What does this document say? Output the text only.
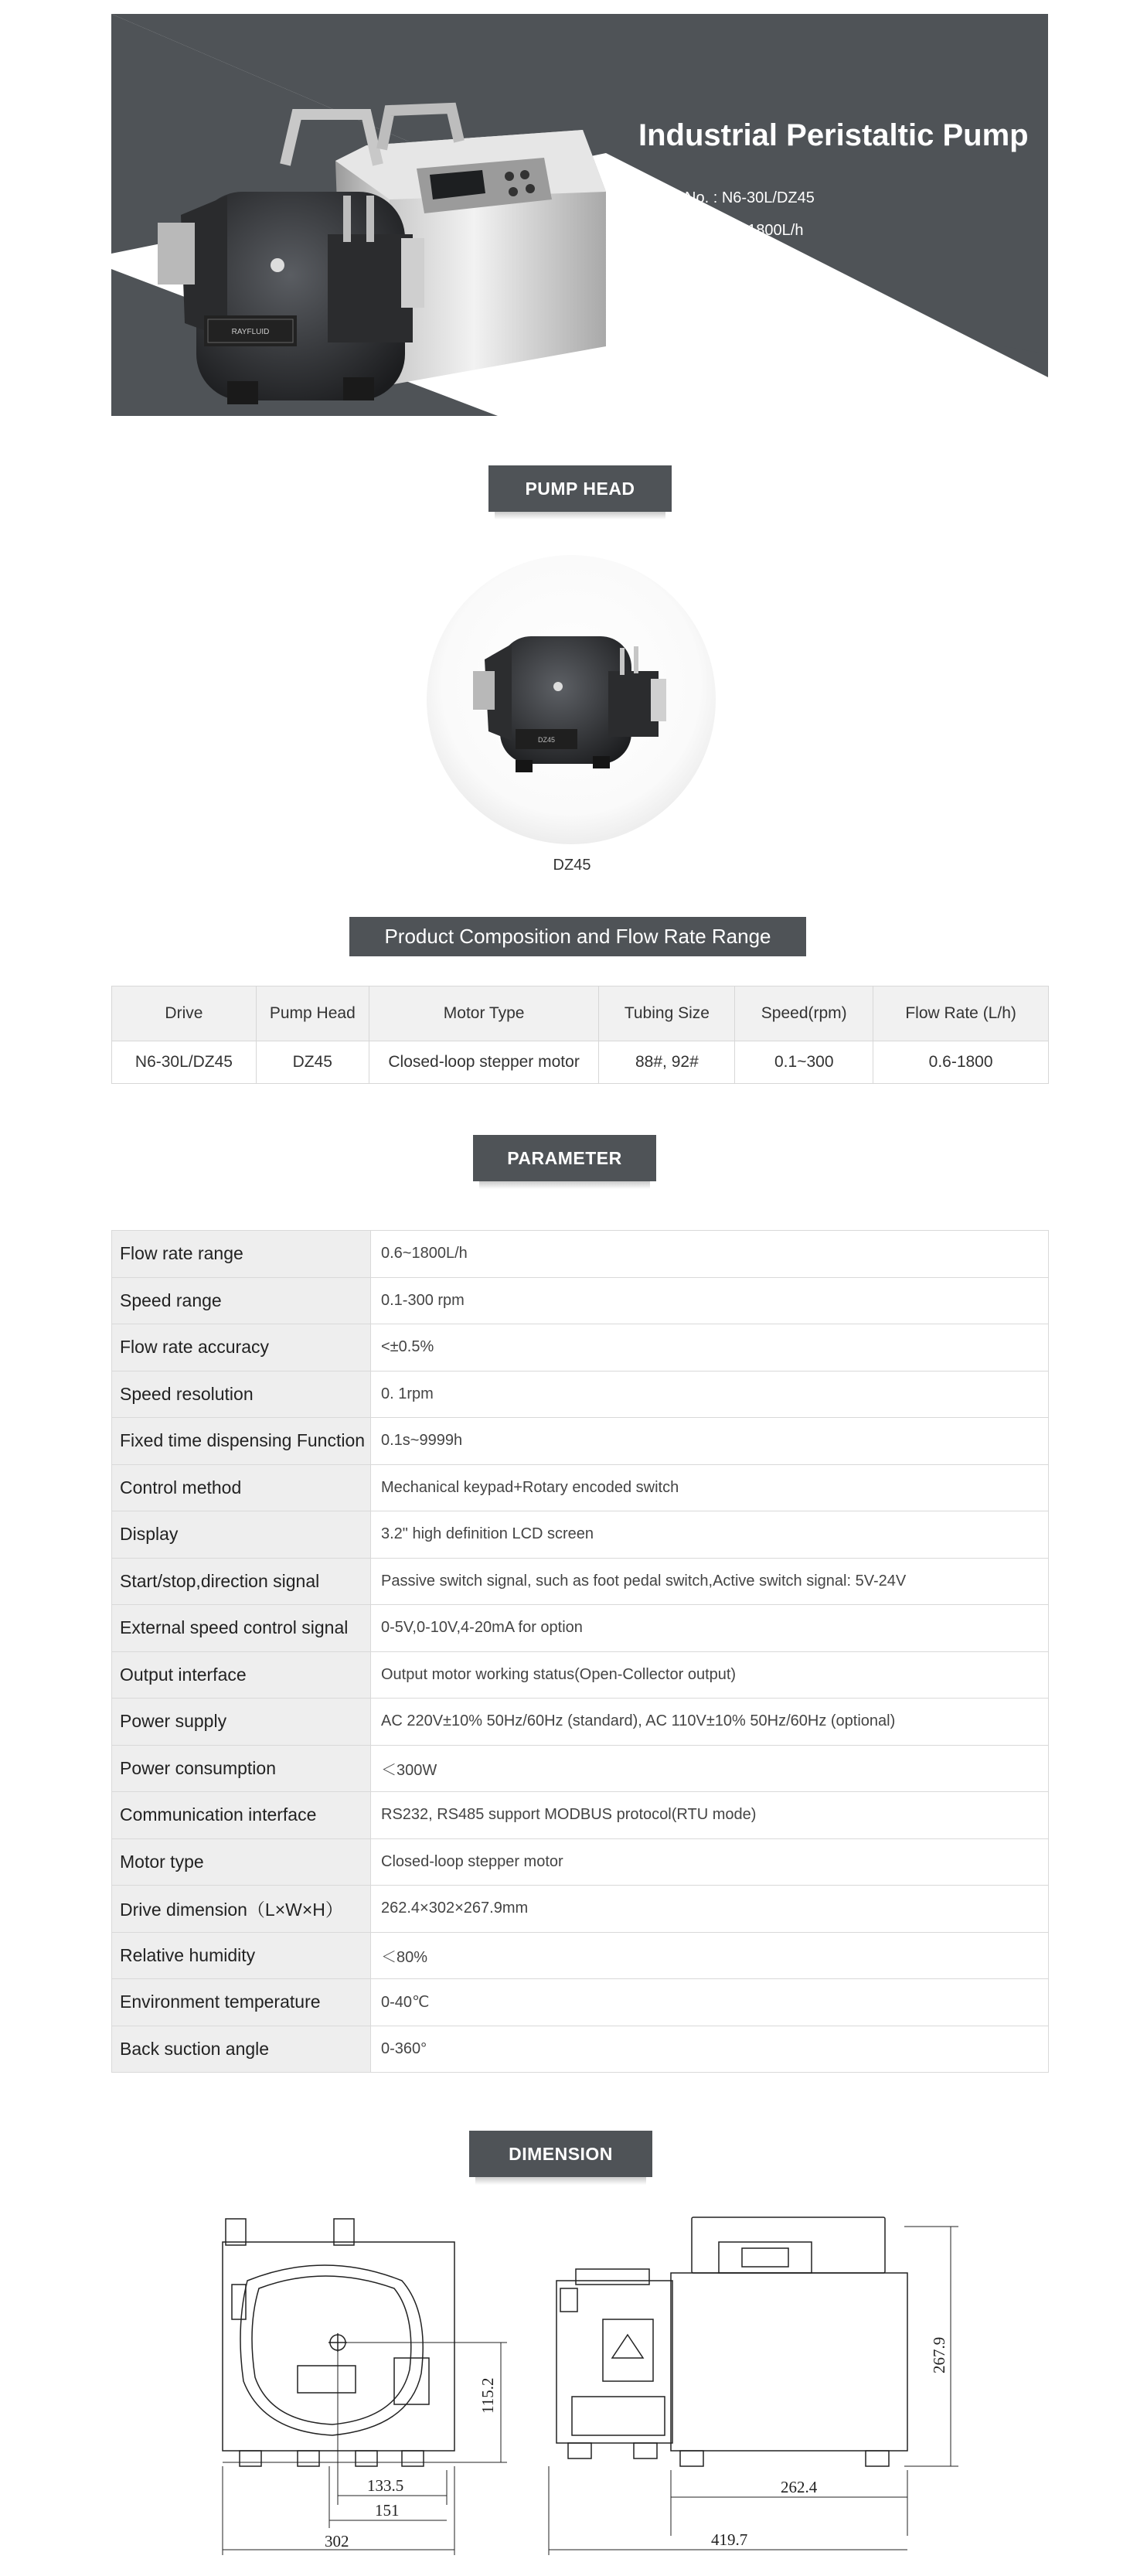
RAYFLUID
Industrial Peristaltic Pump
Model No. : N6-30L/DZ45
Flow Rate : 0.6-1800L/h
PUMP HEAD
DZ45
DZ45
Product Composition and Flow Rate Range
Drive	Pump Head	Motor Type	Tubing Size	Speed(rpm)	Flow Rate (L/h)
N6-30L/DZ45	DZ45	Closed-loop stepper motor	88#, 92#	0.1~300	0.6-1800
PARAMETER
Flow rate range	0.6~1800L/h
Speed range	0.1-300 rpm
Flow rate accuracy	<±0.5%
Speed resolution	0. 1rpm
Fixed time dispensing Function	0.1s~9999h
Control method	Mechanical keypad+Rotary encoded switch
Display	3.2" high definition LCD screen
Start/stop,direction signal	Passive switch signal, such as foot pedal switch,Active switch signal: 5V-24V
External speed control signal	0-5V,0-10V,4-20mA for option
Output interface	Output motor working status(Open-Collector output)
Power supply	AC 220V±10% 50Hz/60Hz (standard), AC 110V±10% 50Hz/60Hz (optional)
Power consumption	＜300W
Communication interface	RS232, RS485 support MODBUS protocol(RTU mode)
Motor type	Closed-loop stepper motor
Drive dimension（L×W×H）	262.4×302×267.9mm
Relative humidity	＜80%
Environment temperature	0-40℃
Back suction angle	0-360°
DIMENSION
115.2
133.5
151
302
267.9
262.4
419.7
